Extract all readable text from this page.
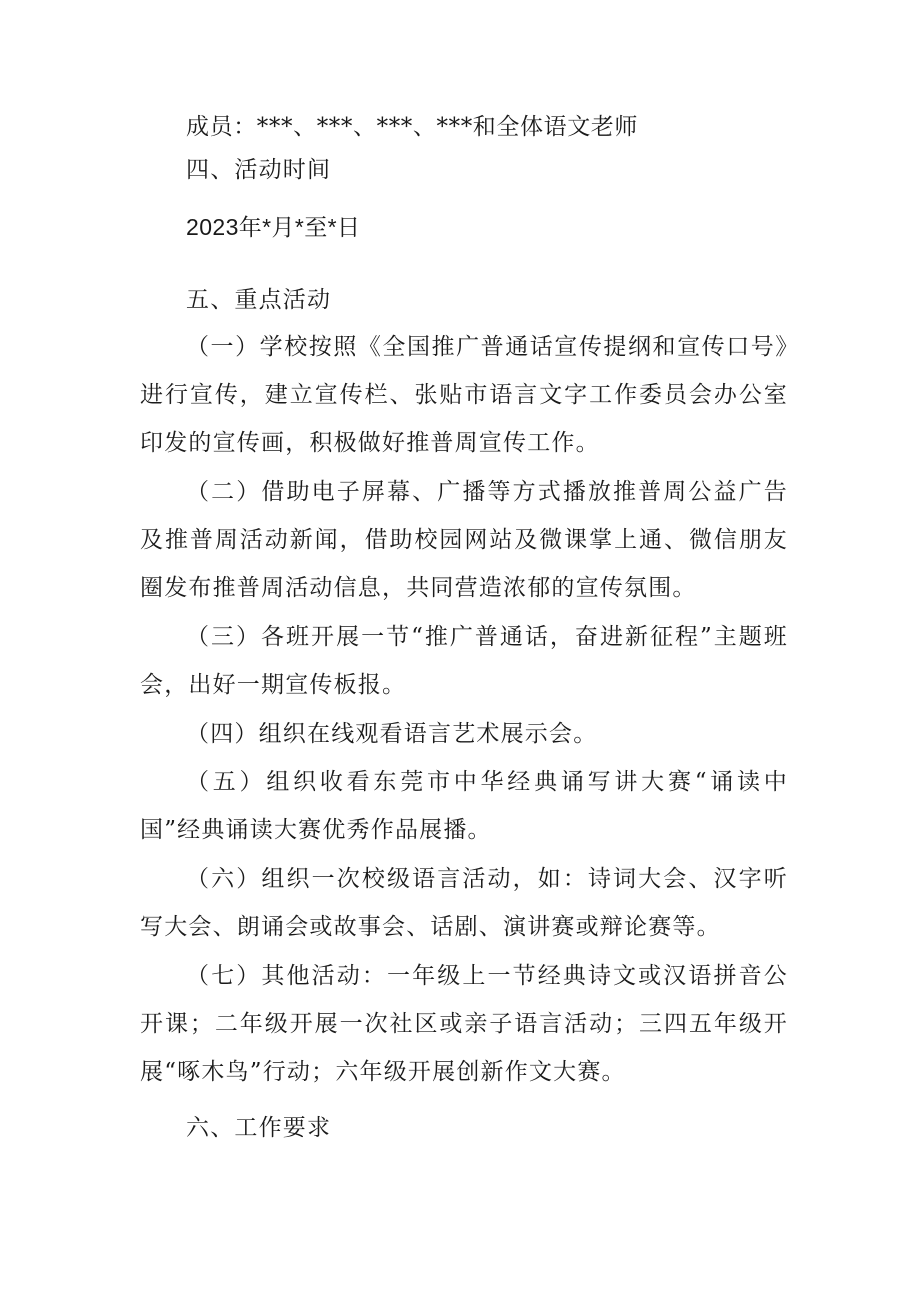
成员：***、***、***、***和全体语文老师
四、活动时间
2023年*月*至*日
五、重点活动
（一）学校按照《全国推广普通话宣传提纲和宣传口号》进行宣传，建立宣传栏、张贴市语言文字工作委员会办公室印发的宣传画，积极做好推普周宣传工作。
（二）借助电子屏幕、广播等方式播放推普周公益广告及推普周活动新闻，借助校园网站及微课掌上通、微信朋友圈发布推普周活动信息，共同营造浓郁的宣传氛围。
（三）各班开展一节“推广普通话，奋进新征程”主题班会，出好一期宣传板报。
（四）组织在线观看语言艺术展示会。
（五）组织收看东莞市中华经典诵写讲大赛“诵读中国”经典诵读大赛优秀作品展播。
（六）组织一次校级语言活动，如：诗词大会、汉字听写大会、朗诵会或故事会、话剧、演讲赛或辩论赛等。
（七）其他活动：一年级上一节经典诗文或汉语拼音公开课；二年级开展一次社区或亲子语言活动；三四五年级开展“啄木鸟”行动；六年级开展创新作文大赛。
六、工作要求
